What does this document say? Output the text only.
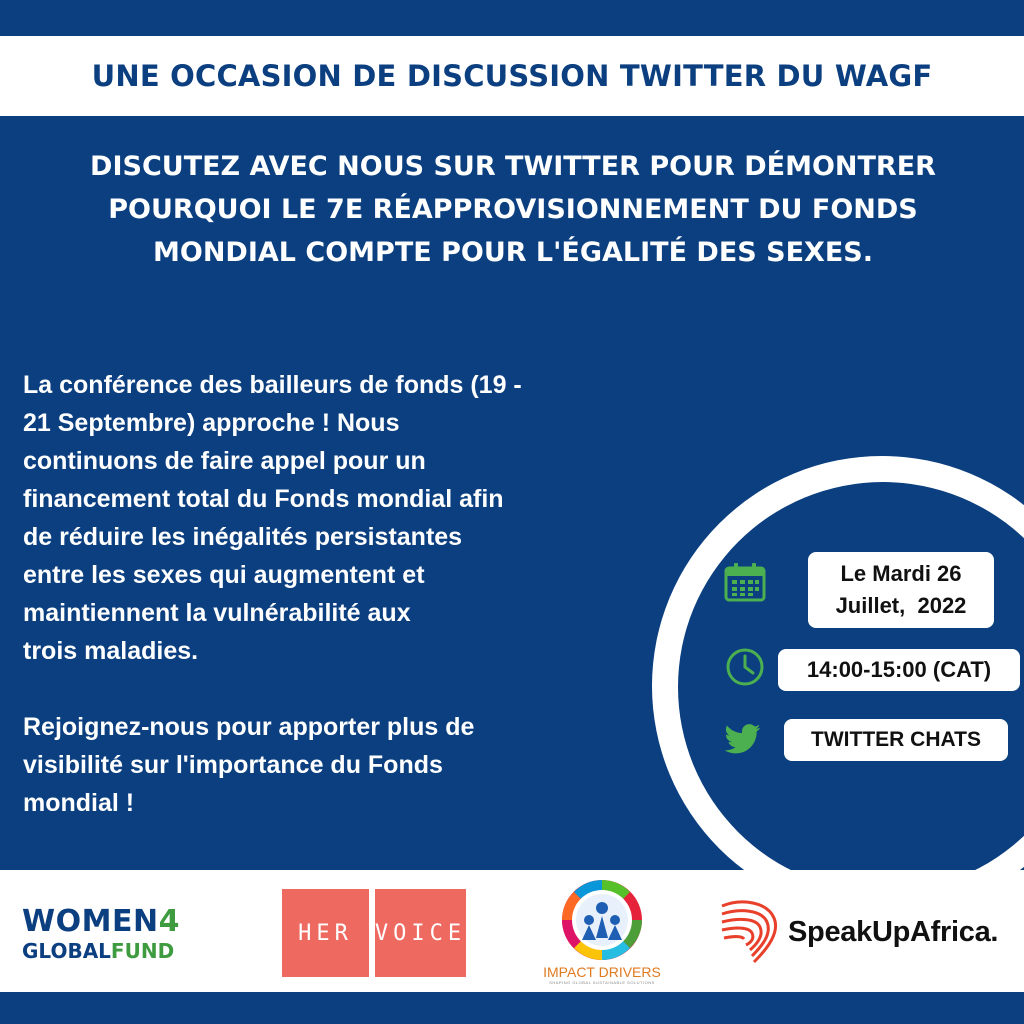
UNE OCCASION DE DISCUSSION TWITTER DU WAGF
DISCUTEZ AVEC NOUS SUR TWITTER POUR DÉMONTRER
POURQUOI LE 7E RÉAPPROVISIONNEMENT DU FONDS
MONDIAL COMPTE POUR L'ÉGALITÉ DES SEXES.
La conférence des bailleurs de fonds (19 -
21 Septembre) approche ! Nous
continuons de faire appel pour un
financement total du Fonds mondial afin
de réduire les inégalités persistantes
entre les sexes qui augmentent et
maintiennent la vulnérabilité aux
trois maladies.
Rejoignez-nous pour apporter plus de
visibilité sur l'importance du Fonds
mondial !
Le Mardi 26
Juillet,  2022
14:00-15:00 (CAT)
TWITTER CHATS
WOMEN4
GLOBALFUND
HER	VOICE
IMPACT DRIVERS
SHAPING GLOBAL SUSTAINABLE SOLUTIONS
SpeakUpAfrica.
